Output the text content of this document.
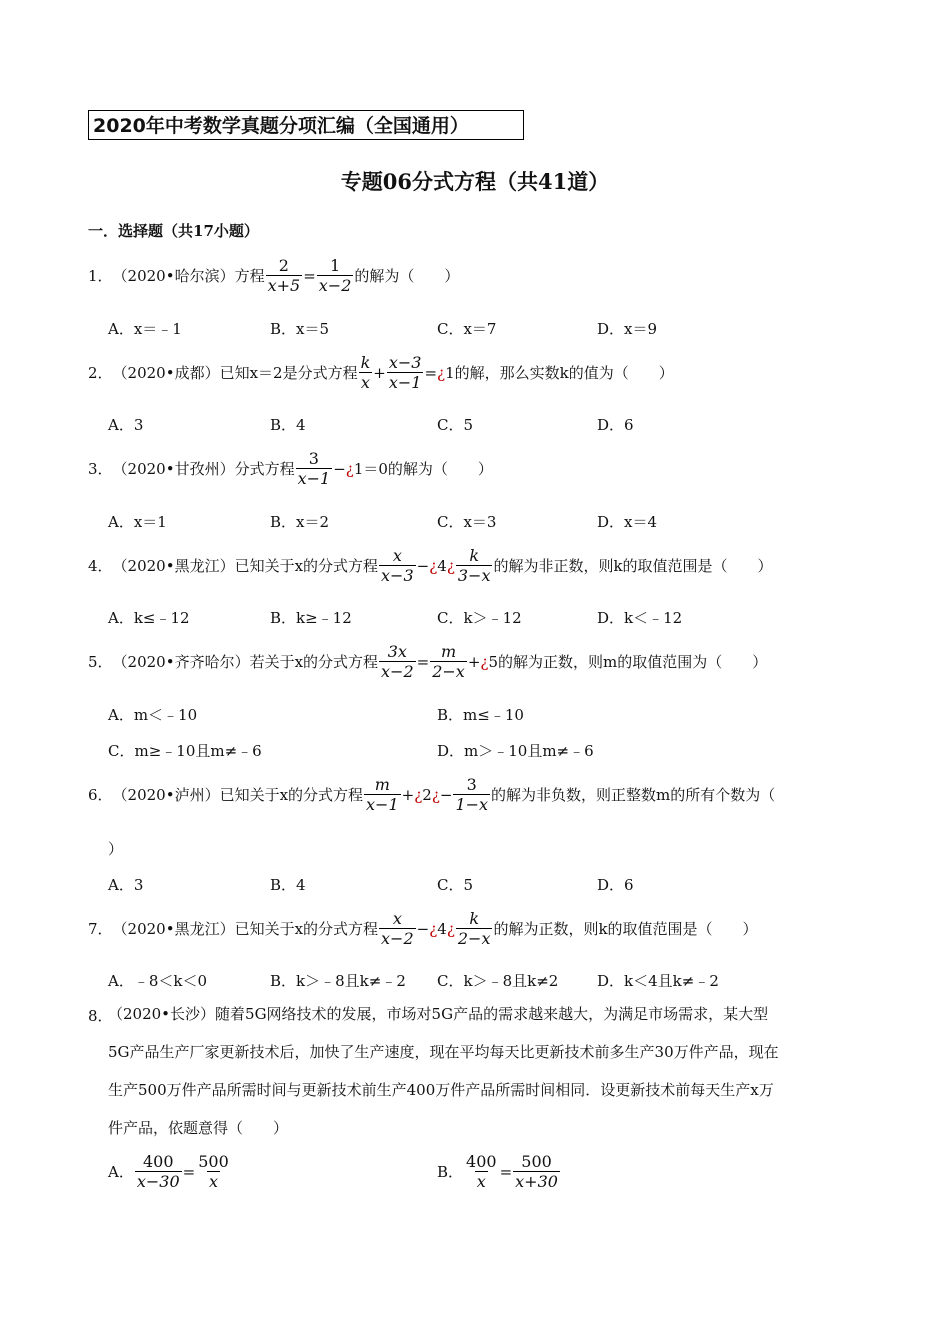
2020年中考数学真题分项汇编（全国通用）
专题06分式方程（共41道）
一．选择题（共17小题）
1． （2020•哈尔滨）方程 $\frac{2}{x+5} = \frac{1}{x-2}$ 的解为（　　）
A．x＝﹣1	B．x＝5	C．x＝7	D．x＝9
2． （2020•成都）已知x＝2是分式方程 $\frac{k}{x} + \frac{x-3}{x-1}$ = ¿ 1 的解，那么实数k的值为（　　）
A．3	B．4	C．5	D．6
3． （2020•甘孜州）分式方程 $\frac{3}{x-1}$ − ¿ 1＝0 的解为（　　）
A．x＝1	B．x＝2	C．x＝3	D．x＝4
4． （2020•黑龙江）已知关于x的分式方程 $\frac{x}{x-3}$ − ¿ 4 ¿ $\frac{k}{3-x}$ 的解为非正数，则k的取值范围是（　　）
A．k≤﹣12	B．k≥﹣12	C．k＞﹣12	D．k＜﹣12
5． （2020•齐齐哈尔）若关于x的分式方程 $\frac{3x}{x-2} = \frac{m}{2-x}$ + ¿ 5 的解为正数，则m的取值范围为（　　）
A．m＜﹣10	B．m≤﹣10
C．m≥﹣10且m≠﹣6	D．m＞﹣10且m≠﹣6
6． （2020•泸州）已知关于x的分式方程 $\frac{m}{x-1}$ + ¿ 2 ¿ − $\frac{3}{1-x}$ 的解为非负数，则正整数m的所有个数为（
）
A．3	B．4	C．5	D．6
7． （2020•黑龙江）已知关于x的分式方程 $\frac{x}{x-2}$ − ¿ 4 ¿ $\frac{k}{2-x}$ 的解为正数，则k的取值范围是（　　）
A．﹣8＜k＜0	B．k＞﹣8且k≠﹣2 C．k＞﹣8且k≠2	D．k＜4且k≠﹣2
8．
（2020•长沙）随着5G网络技术的发展，市场对5G产品的需求越来越大，为满足市场需求，某大型
5G产品生产厂家更新技术后，加快了生产速度，现在平均每天比更新技术前多生产30万件产品，现在
生产500万件产品所需时间与更新技术前生产400万件产品所需时间相同．设更新技术前每天生产x万
件产品，依题意得（　　）
A． $\frac{400}{x-30} = \frac{500}{x}$	B． $\frac{400}{x} = \frac{500}{x+30}$
